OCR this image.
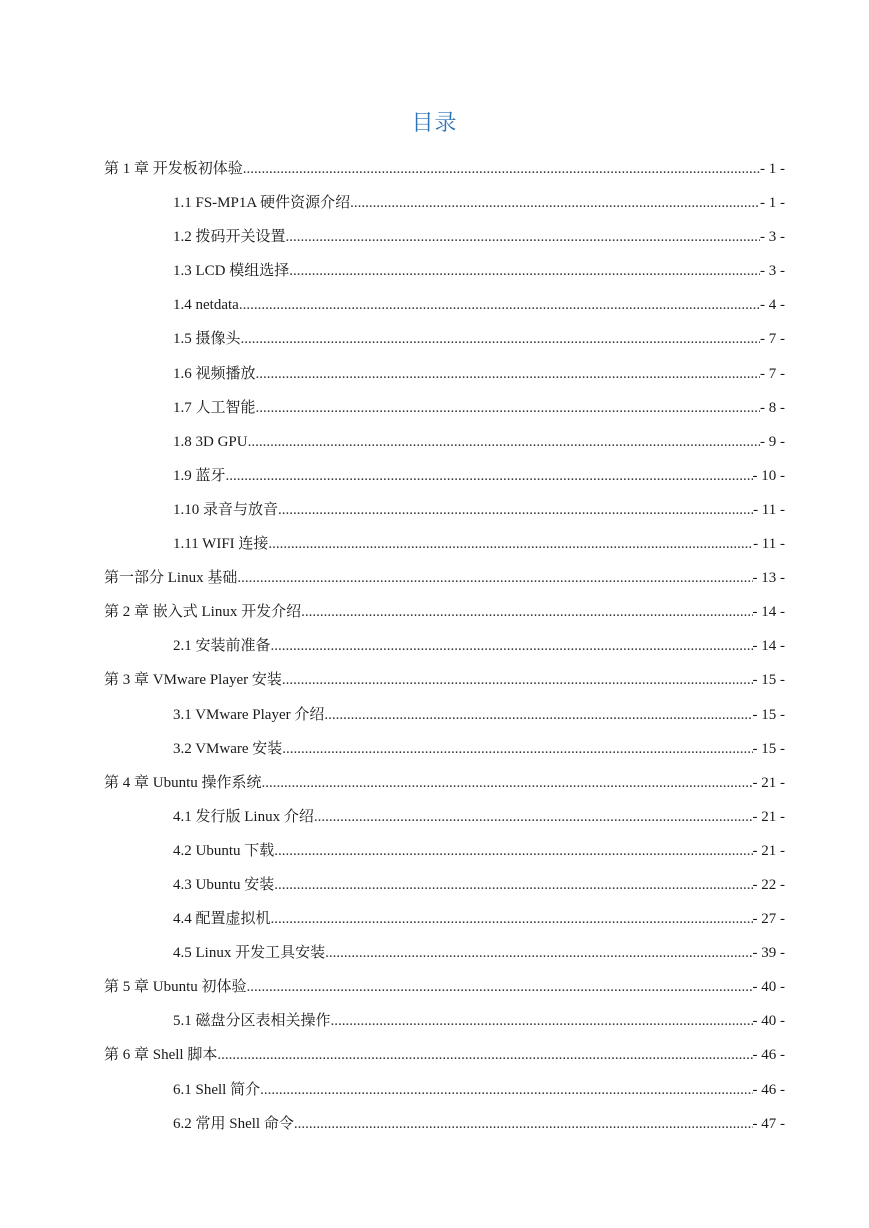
目录
第 1 章 开发板初体验 .....	- 1 -
1.1 FS-MP1A 硬件资源介绍 .....	- 1 -
1.2 拨码开关设置 .....	- 3 -
1.3 LCD 模组选择 .....	- 3 -
1.4 netdata .....	- 4 -
1.5 摄像头 .....	- 7 -
1.6 视频播放 .....	- 7 -
1.7 人工智能 .....	- 8 -
1.8 3D GPU .....	- 9 -
1.9 蓝牙 .....	- 10 -
1.10 录音与放音 .....	- 11 -
1.11 WIFI 连接 .....	- 11 -
第一部分 Linux 基础 .....	- 13 -
第 2 章 嵌入式 Linux 开发介绍 .....	- 14 -
2.1 安装前准备 .....	- 14 -
第 3 章 VMware Player 安装 .....	- 15 -
3.1 VMware Player 介绍 .....	- 15 -
3.2 VMware 安装 .....	- 15 -
第 4 章 Ubuntu 操作系统 .....	- 21 -
4.1 发行版 Linux 介绍 .....	- 21 -
4.2 Ubuntu 下载 .....	- 21 -
4.3 Ubuntu 安装 .....	- 22 -
4.4 配置虚拟机 .....	- 27 -
4.5 Linux 开发工具安装 .....	- 39 -
第 5 章 Ubuntu 初体验 .....	- 40 -
5.1 磁盘分区表相关操作 .....	- 40 -
第 6 章 Shell 脚本 .....	- 46 -
6.1 Shell 简介 .....	- 46 -
6.2 常用 Shell 命令 .....	- 47 -
